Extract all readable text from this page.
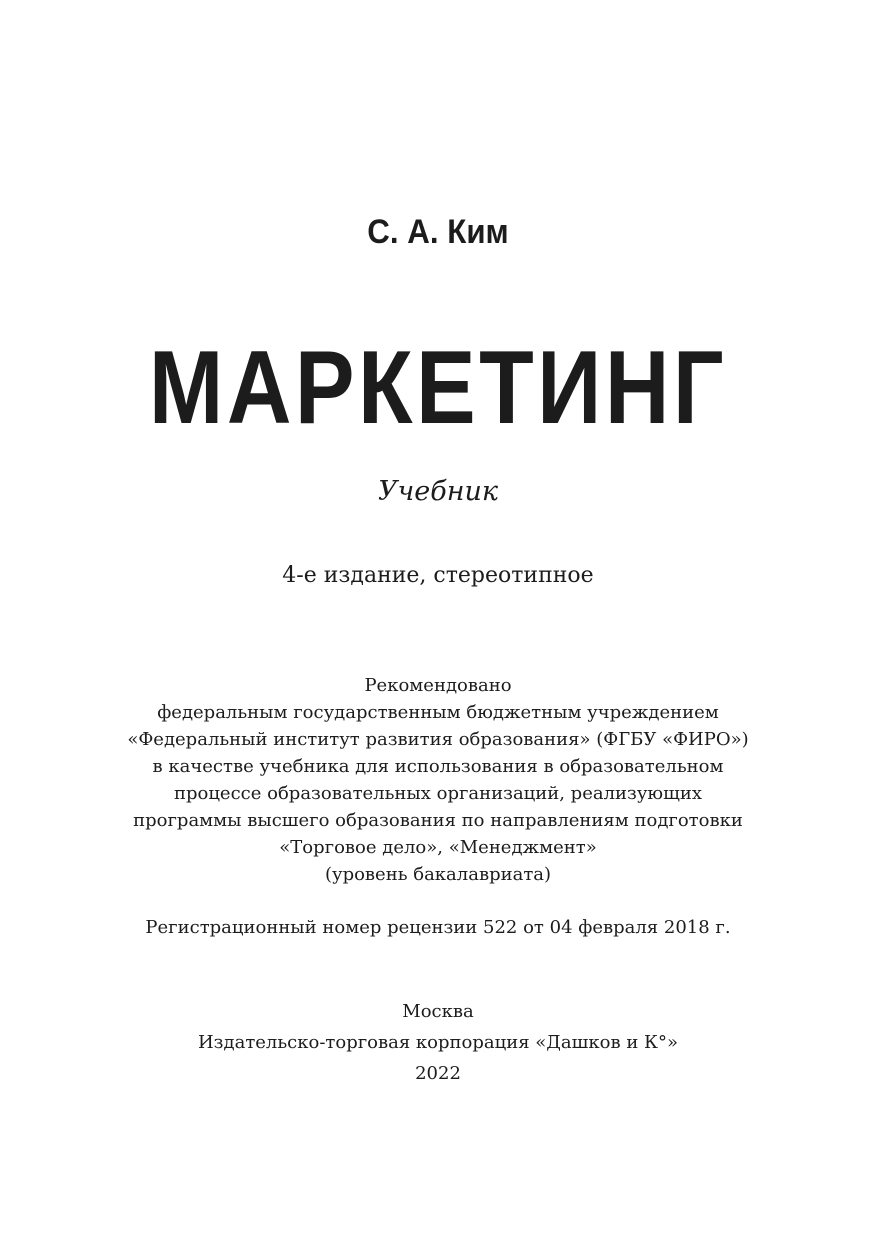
С. А. Ким

МАРКЕТИНГ

Учебник

4-е издание, стереотипное

Рекомендовано
федеральным государственным бюджетным учреждением
«Федеральный институт развития образования» (ФГБУ «ФИРО»)
в качестве учебника для использования в образовательном
процессе образовательных организаций, реализующих
программы высшего образования по направлениям подготовки
«Торговое дело», «Менеджмент»
(уровень бакалавриата)

Регистрационный номер рецензии 522 от 04 февраля 2018 г.

Москва
Издательско-торговая корпорация «Дашков и К°»
2022
